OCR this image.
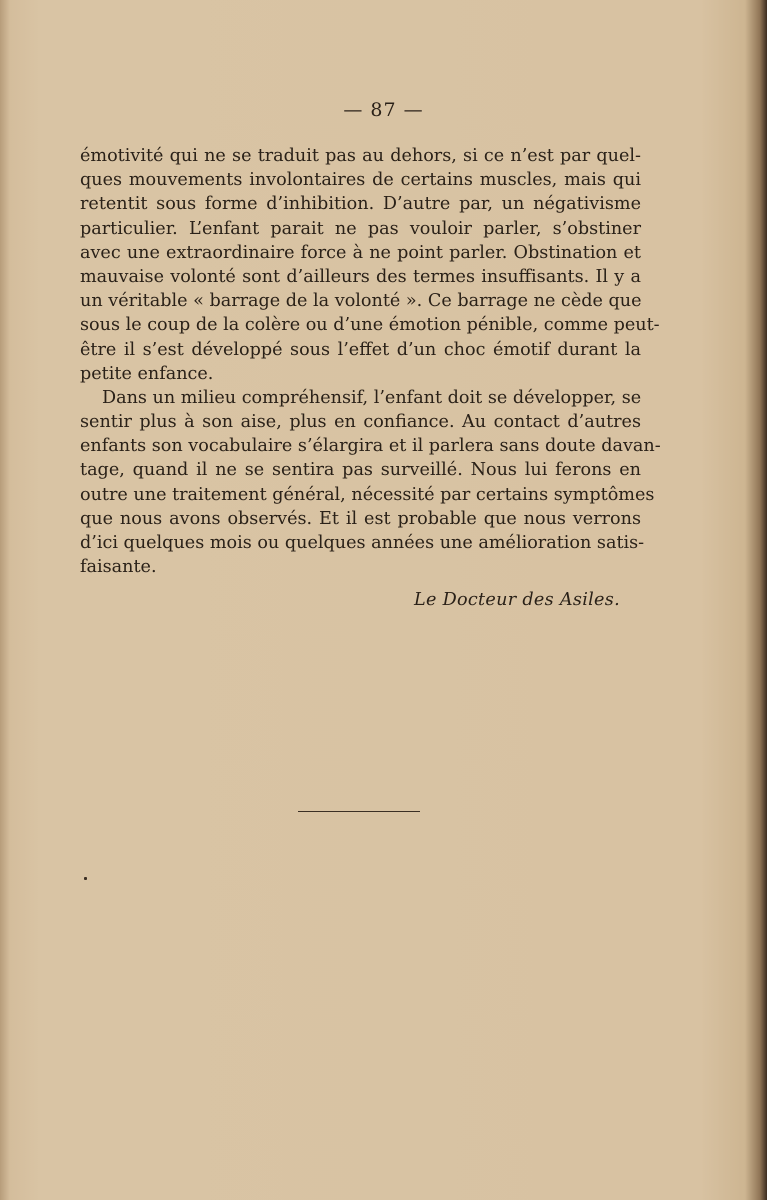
— 87 —
émotivité qui ne se traduit pas au dehors, si ce n’est par quel-
ques mouvements involontaires de certains muscles, mais qui
retentit sous forme d’inhibition. D’autre par, un négativisme
particulier. L’enfant parait ne pas vouloir parler, s’obstiner
avec une extraordinaire force à ne point parler. Obstination et
mauvaise volonté sont d’ailleurs des termes insuffisants. Il y a
un véritable « barrage de la volonté ». Ce barrage ne cède que
sous le coup de la colère ou d’une émotion pénible, comme peut-
être il s’est développé sous l’effet d’un choc émotif durant la
petite enfance.
Dans un milieu compréhensif, l’enfant doit se développer, se
sentir plus à son aise, plus en confiance. Au contact d’autres
enfants son vocabulaire s’élargira et il parlera sans doute davan-
tage, quand il ne se sentira pas surveillé. Nous lui ferons en
outre une traitement général, nécessité par certains symptômes
que nous avons observés. Et il est probable que nous verrons
d’ici quelques mois ou quelques années une amélioration satis-
faisante.
Le Docteur des Asiles.
